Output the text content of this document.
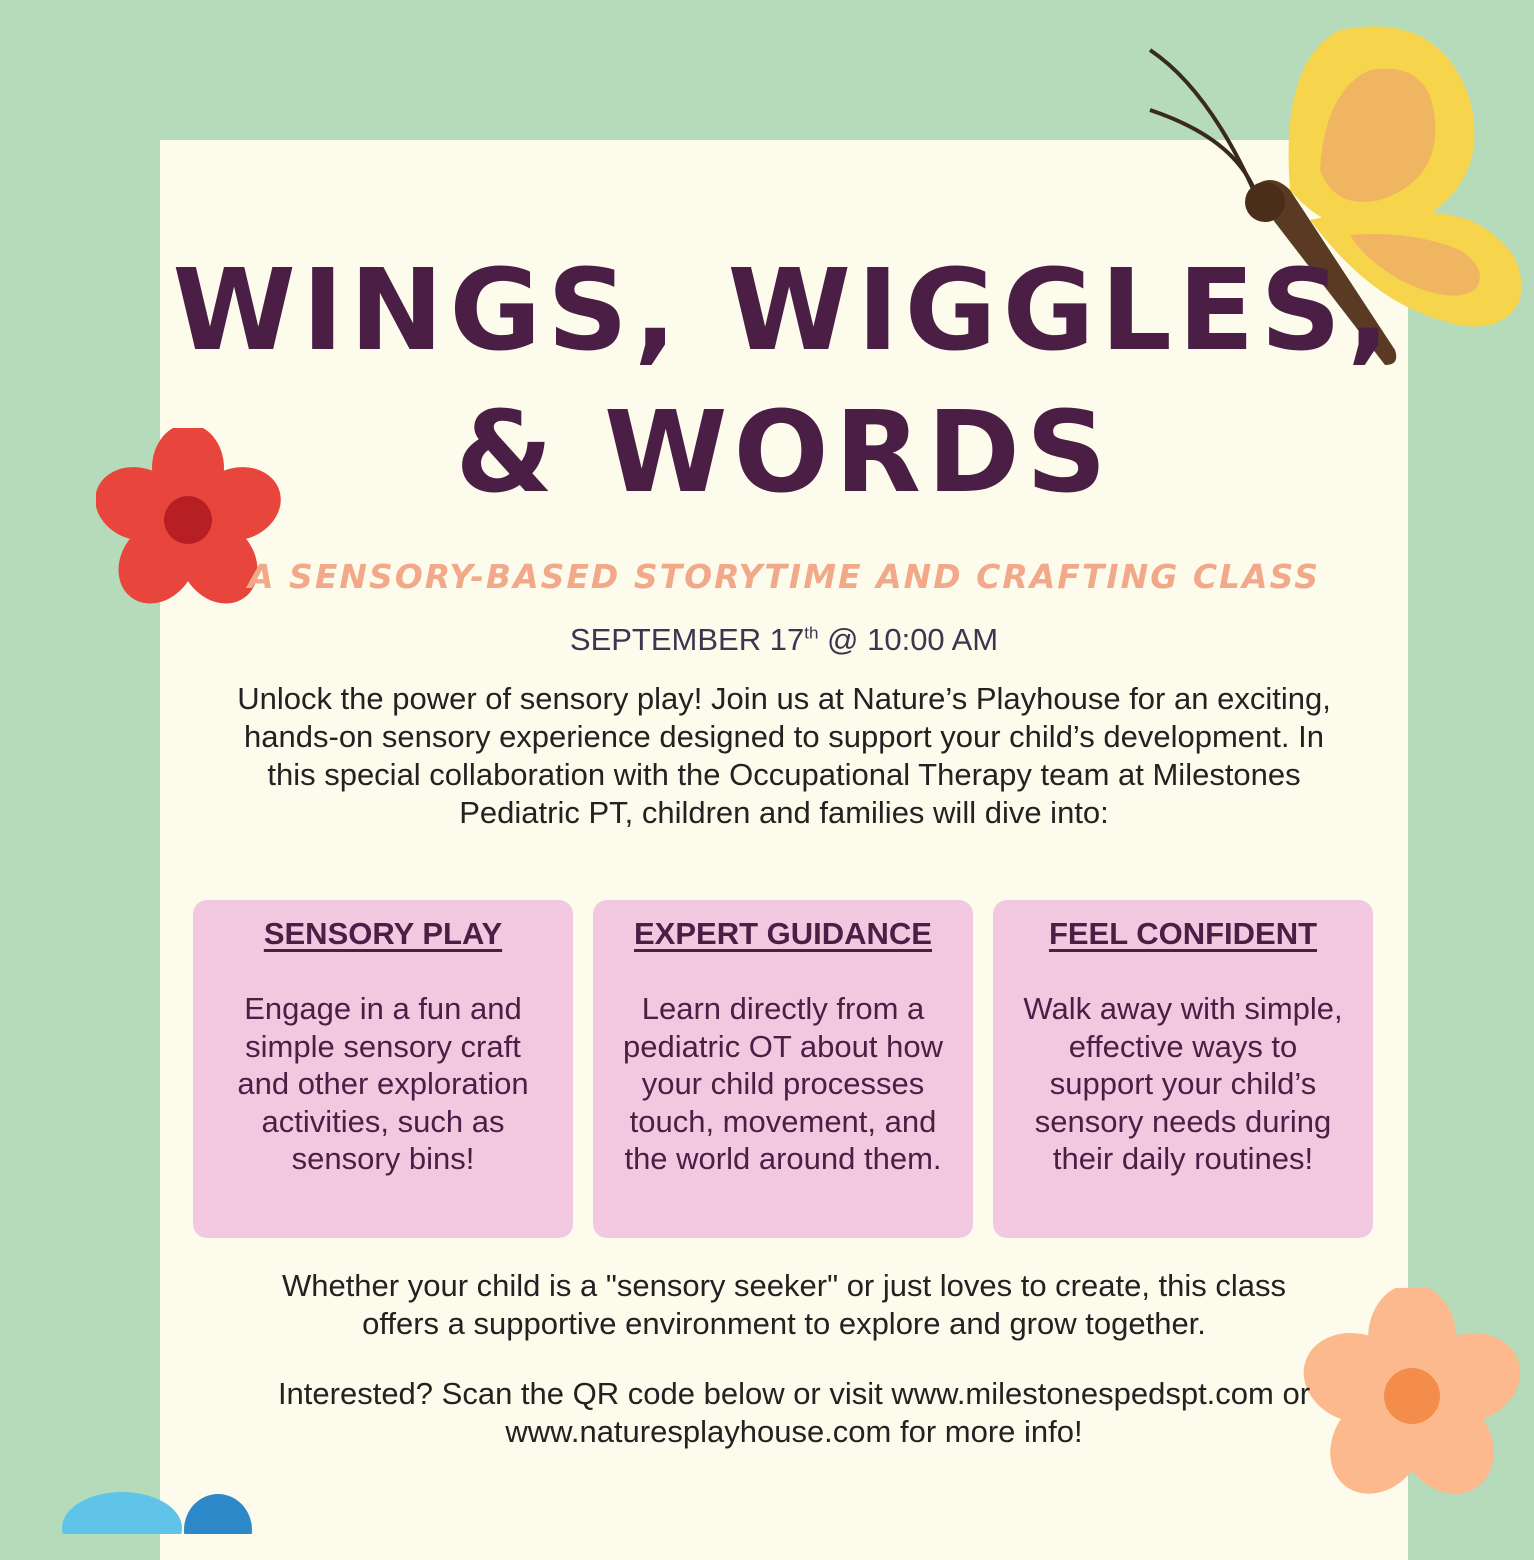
WINGS, WIGGLES,
& WORDS

A SENSORY-BASED STORYTIME AND CRAFTING CLASS

SEPTEMBER 17th @ 10:00 AM

Unlock the power of sensory play! Join us at Nature’s Playhouse for an exciting, hands-on sensory experience designed to support your child’s development. In this special collaboration with the Occupational Therapy team at Milestones Pediatric PT, children and families will dive into:

SENSORY PLAY

Engage in a fun and simple sensory craft and other exploration activities, such as sensory bins!

EXPERT GUIDANCE

Learn directly from a pediatric OT about how your child processes touch, movement, and the world around them.

FEEL CONFIDENT

Walk away with simple, effective ways to support your child’s sensory needs during their daily routines!

Whether your child is a "sensory seeker" or just loves to create, this class offers a supportive environment to explore and grow together.

Interested? Scan the QR code below or visit www.milestonespedspt.com or www.naturesplayhouse.com for more info!
